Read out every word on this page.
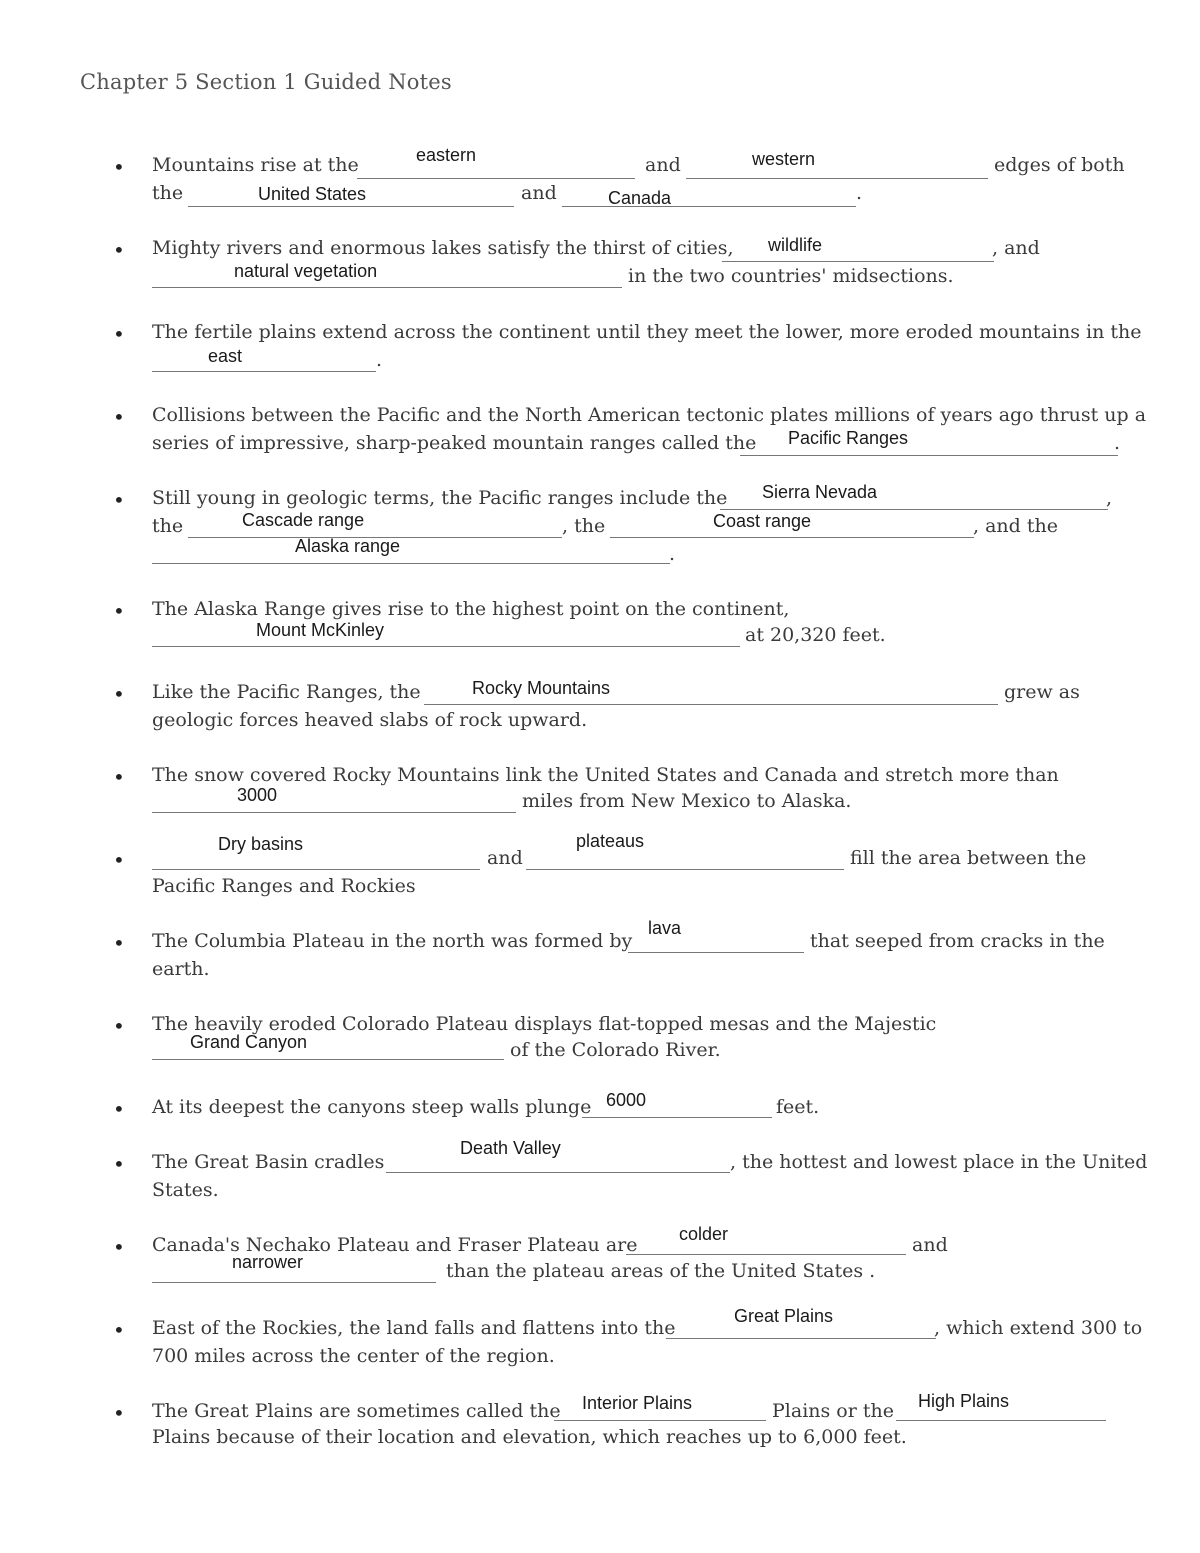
Chapter 5 Section 1 Guided Notes
• Mountains rise at the	eastern	and	western	edges of both
the	United States	and	Canada	.
• Mighty rivers and enormous lakes satisfy the thirst of cities, wildlife	, and
natural vegetation	in the two countries' midsections.
• The fertile plains extend across the continent until they meet the lower, more eroded mountains in the
east	.
• Collisions between the Pacific and the North American tectonic plates millions of years ago thrust up a
series of impressive, sharp-peaked mountain ranges called the Pacific Ranges	.
• Still young in geologic terms, the Pacific ranges include the Sierra Nevada	,
the	Cascade range	, the	Coast range	, and the
Alaska range	.
• The Alaska Range gives rise to the highest point on the continent,
Mount McKinley	at 20,320 feet.
• Like the Pacific Ranges, the	Rocky Mountains	grew as
geologic forces heaved slabs of rock upward.
• The snow covered Rocky Mountains link the United States and Canada and stretch more than
3000	miles from New Mexico to Alaska.
•
Dry basins
and
plateaus
fill the area between the
Pacific Ranges and Rockies
• The Columbia Plateau in the north was formed by
lava
that seeped from cracks in the
earth.
• The heavily eroded Colorado Plateau displays flat-topped mesas and the Majestic
Grand Canyon	of the Colorado River.
• At its deepest the canyons steep walls plunge 6000	feet.
• The Great Basin cradles
Death Valley
, the hottest and lowest place in the United
States.
• Canada's Nechako Plateau and Fraser Plateau are colder	and
narrower	than the plateau areas of the United States .
• East of the Rockies, the land falls and flattens into the
Great Plains
, which extend 300 to
700 miles across the center of the region.
• The Great Plains are sometimes called the Interior Plains	Plains or the High Plains
Plains because of their location and elevation, which reaches up to 6,000 feet.
